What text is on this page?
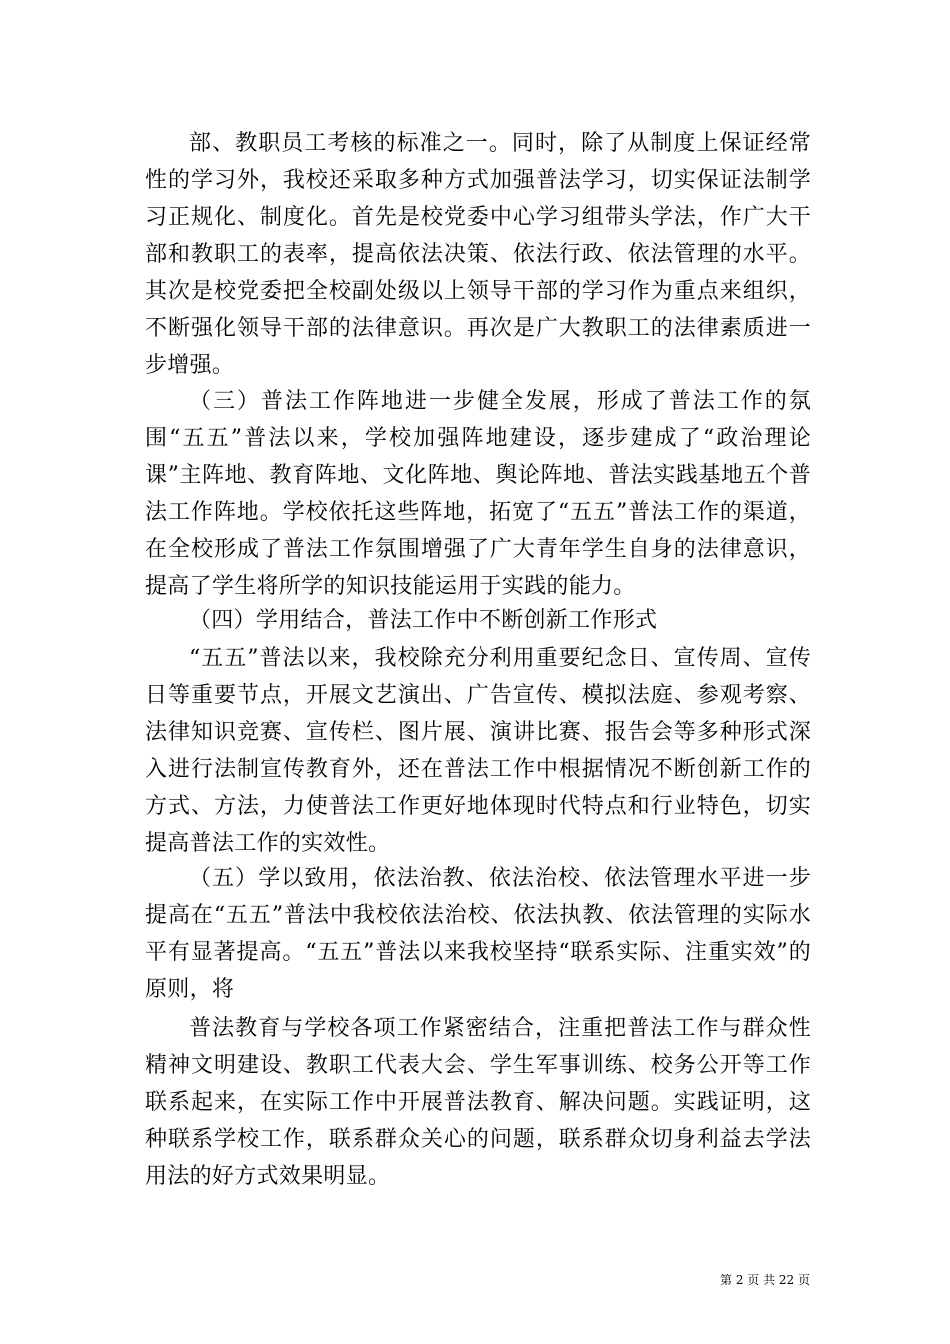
部、教职员工考核的标准之一。同时，除了从制度上保证经常性的学习外，我校还采取多种方式加强普法学习，切实保证法制学习正规化、制度化。首先是校党委中心学习组带头学法，作广大干部和教职工的表率，提高依法决策、依法行政、依法管理的水平。其次是校党委把全校副处级以上领导干部的学习作为重点来组织，不断强化领导干部的法律意识。再次是广大教职工的法律素质进一步增强。

（三）普法工作阵地进一步健全发展，形成了普法工作的氛围“五五”普法以来，学校加强阵地建设，逐步建成了“政治理论课”主阵地、教育阵地、文化阵地、舆论阵地、普法实践基地五个普法工作阵地。学校依托这些阵地，拓宽了“五五”普法工作的渠道，在全校形成了普法工作氛围增强了广大青年学生自身的法律意识，提高了学生将所学的知识技能运用于实践的能力。

（四）学用结合，普法工作中不断创新工作形式

“五五”普法以来，我校除充分利用重要纪念日、宣传周、宣传日等重要节点，开展文艺演出、广告宣传、模拟法庭、参观考察、法律知识竞赛、宣传栏、图片展、演讲比赛、报告会等多种形式深入进行法制宣传教育外，还在普法工作中根据情况不断创新工作的方式、方法，力使普法工作更好地体现时代特点和行业特色，切实提高普法工作的实效性。

（五）学以致用，依法治教、依法治校、依法管理水平进一步提高在“五五”普法中我校依法治校、依法执教、依法管理的实际水平有显著提高。“五五”普法以来我校坚持“联系实际、注重实效”的原则，将

普法教育与学校各项工作紧密结合，注重把普法工作与群众性精神文明建设、教职工代表大会、学生军事训练、校务公开等工作联系起来，在实际工作中开展普法教育、解决问题。实践证明，这种联系学校工作，联系群众关心的问题，联系群众切身利益去学法用法的好方式效果明显。

第 2 页 共 22 页
